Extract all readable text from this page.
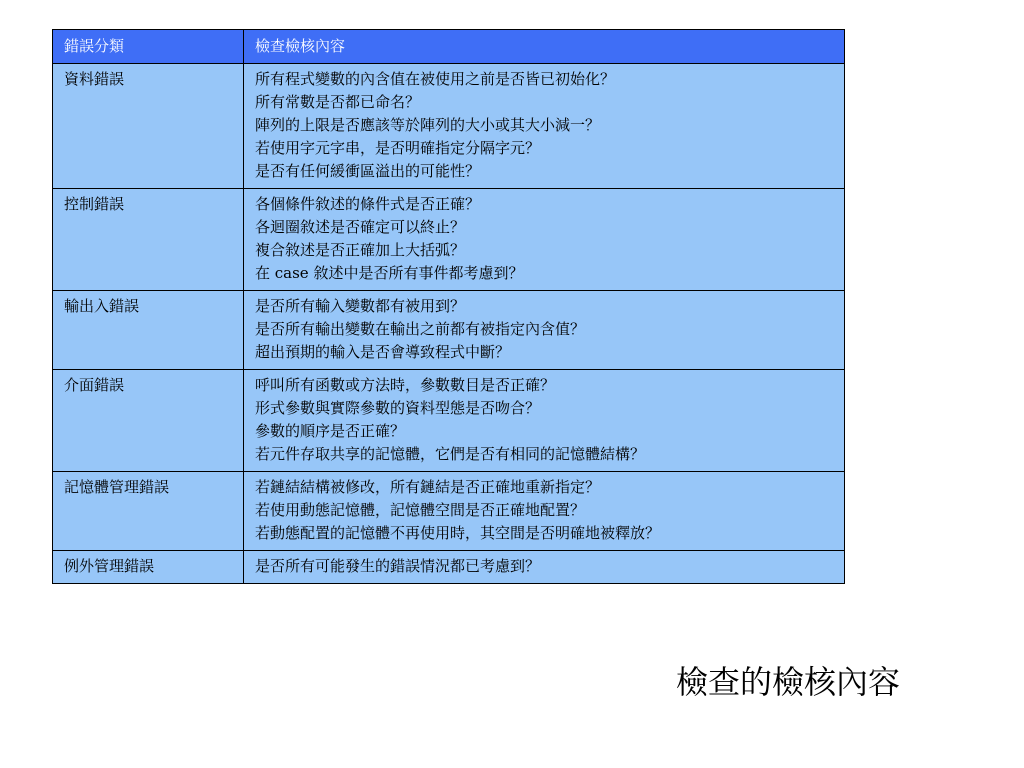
錯誤分類	檢查檢核內容
資料錯誤	所有程式變數的內含值在被使用之前是否皆已初始化？
所有常數是否都已命名？
陣列的上限是否應該等於陣列的大小或其大小減一？
若使用字元字串，是否明確指定分隔字元？
是否有任何緩衝區溢出的可能性？

控制錯誤	各個條件敘述的條件式是否正確？
各迴圈敘述是否確定可以終止？
複合敘述是否正確加上大括弧？
在 case 敘述中是否所有事件都考慮到？

輸出入錯誤	是否所有輸入變數都有被用到？
是否所有輸出變數在輸出之前都有被指定內含值？
超出預期的輸入是否會導致程式中斷？

介面錯誤	呼叫所有函數或方法時，參數數目是否正確？
形式參數與實際參數的資料型態是否吻合？
參數的順序是否正確？
若元件存取共享的記憶體，它們是否有相同的記憶體結構？

記憶體管理錯誤	若鏈結結構被修改，所有鏈結是否正確地重新指定？
若使用動態記憶體，記憶體空間是否正確地配置？
若動態配置的記憶體不再使用時，其空間是否明確地被釋放？

例外管理錯誤	是否所有可能發生的錯誤情況都已考慮到？
檢查的檢核內容
